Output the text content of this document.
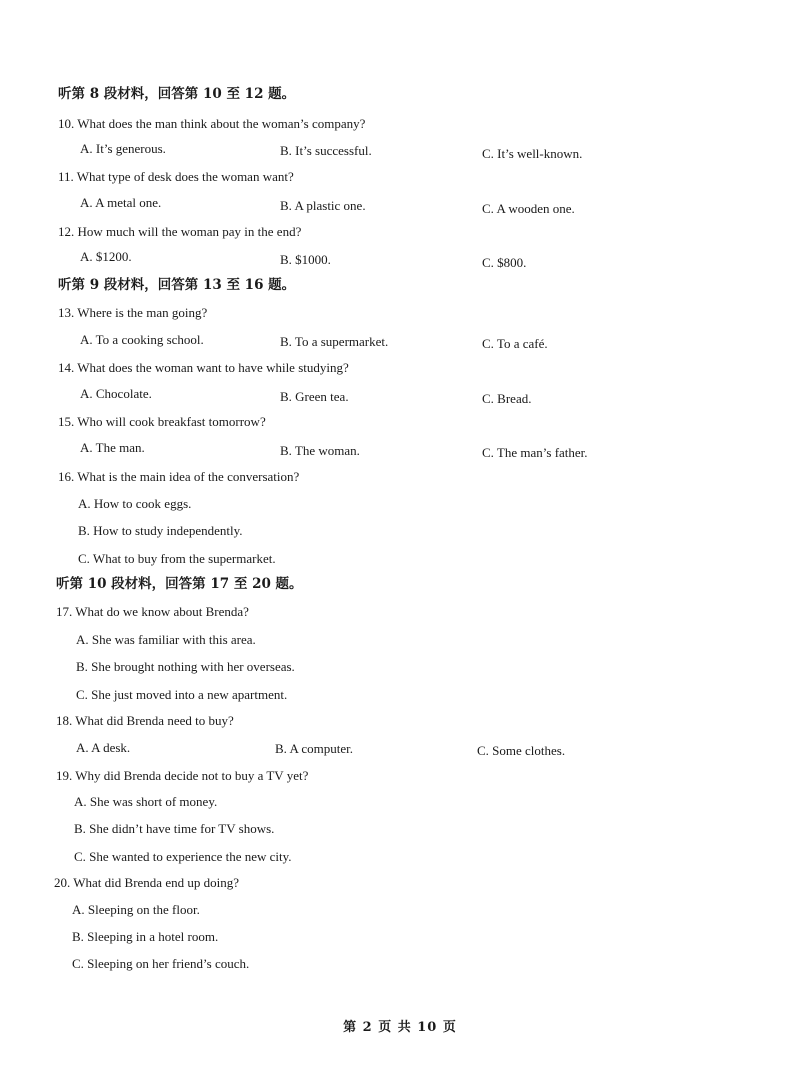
听第 8 段材料，回答第 10 至 12 题。
10. What does the man think about the woman’s company?
A. It’s generous.	B. It’s successful.	C. It’s well-known.
11. What type of desk does the woman want?
A. A metal one.	B. A plastic one.	C. A wooden one.
12. How much will the woman pay in the end?
A. $1200.	B. $1000.	C. $800.
听第 9 段材料，回答第 13 至 16 题。
13. Where is the man going?
A. To a cooking school.	B. To a supermarket.	C. To a café.
14. What does the woman want to have while studying?
A. Chocolate.	B. Green tea.	C. Bread.
15. Who will cook breakfast tomorrow?
A. The man.	B. The woman.	C. The man’s father.
16. What is the main idea of the conversation?
A. How to cook eggs.
B. How to study independently.
C. What to buy from the supermarket.
听第 10 段材料，回答第 17 至 20 题。
17. What do we know about Brenda?
A. She was familiar with this area.
B. She brought nothing with her overseas.
C. She just moved into a new apartment.
18. What did Brenda need to buy?
A. A desk.	B. A computer.	C. Some clothes.
19. Why did Brenda decide not to buy a TV yet?
A. She was short of money.
B. She didn’t have time for TV shows.
C. She wanted to experience the new city.
20. What did Brenda end up doing?
A. Sleeping on the floor.
B. Sleeping in a hotel room.
C. Sleeping on her friend’s couch.
第 2 页 共 10 页
